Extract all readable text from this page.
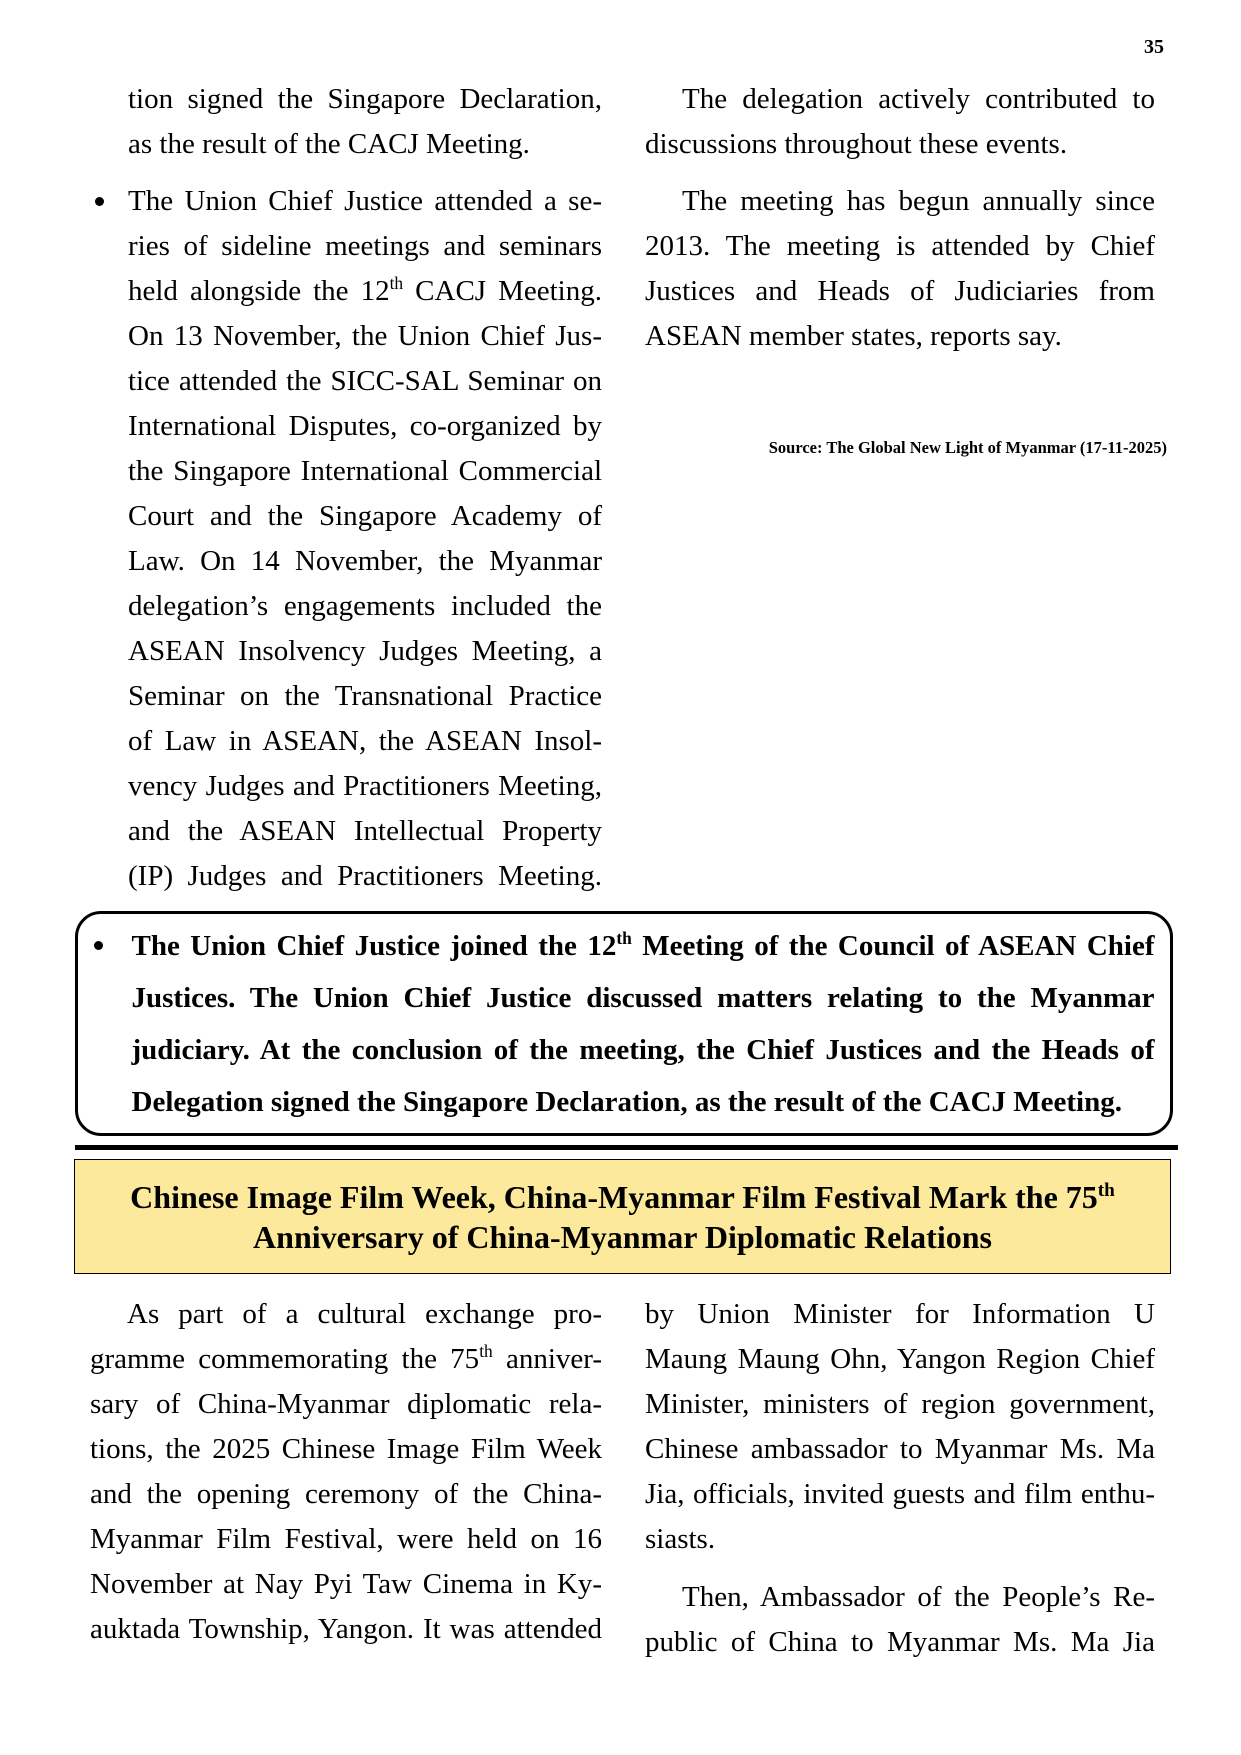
35
tion signed the Singapore Declaration,
as the result of the CACJ Meeting.
The Union Chief Justice attended a se-
ries of sideline meetings and seminars
held alongside the 12th CACJ Meeting.
On 13 November, the Union Chief Jus-
tice attended the SICC-SAL Seminar on
International Disputes, co-organized by
the Singapore International Commercial
Court and the Singapore Academy of
Law. On 14 November, the Myanmar
delegation’s engagements included the
ASEAN Insolvency Judges Meeting, a
Seminar on the Transnational Practice
of Law in ASEAN, the ASEAN Insol-
vency Judges and Practitioners Meeting,
and the ASEAN Intellectual Property
(IP) Judges and Practitioners Meeting.
The delegation actively contributed to
discussions throughout these events.
The meeting has begun annually since
2013. The meeting is attended by Chief
Justices and Heads of Judiciaries from
ASEAN member states, reports say.
Source: The Global New Light of Myanmar (17-11-2025)
The Union Chief Justice joined the 12th Meeting of the Council of ASEAN Chief
Justices. The Union Chief Justice discussed matters relating to the Myanmar
judiciary. At the conclusion of the meeting, the Chief Justices and the Heads of
Delegation signed the Singapore Declaration, as the result of the CACJ Meeting.
Chinese Image Film Week, China-Myanmar Film Festival Mark the 75th
Anniversary of China-Myanmar Diplomatic Relations
As part of a cultural exchange pro-
gramme commemorating the 75th anniver-
sary of China-Myanmar diplomatic rela-
tions, the 2025 Chinese Image Film Week
and the opening ceremony of the China-
Myanmar Film Festival, were held on 16
November at Nay Pyi Taw Cinema in Ky-
auktada Township, Yangon. It was attended
by Union Minister for Information U
Maung Maung Ohn, Yangon Region Chief
Minister, ministers of region government,
Chinese ambassador to Myanmar Ms. Ma
Jia, officials, invited guests and film enthu-
siasts.
Then, Ambassador of the People’s Re-
public of China to Myanmar Ms. Ma Jia
